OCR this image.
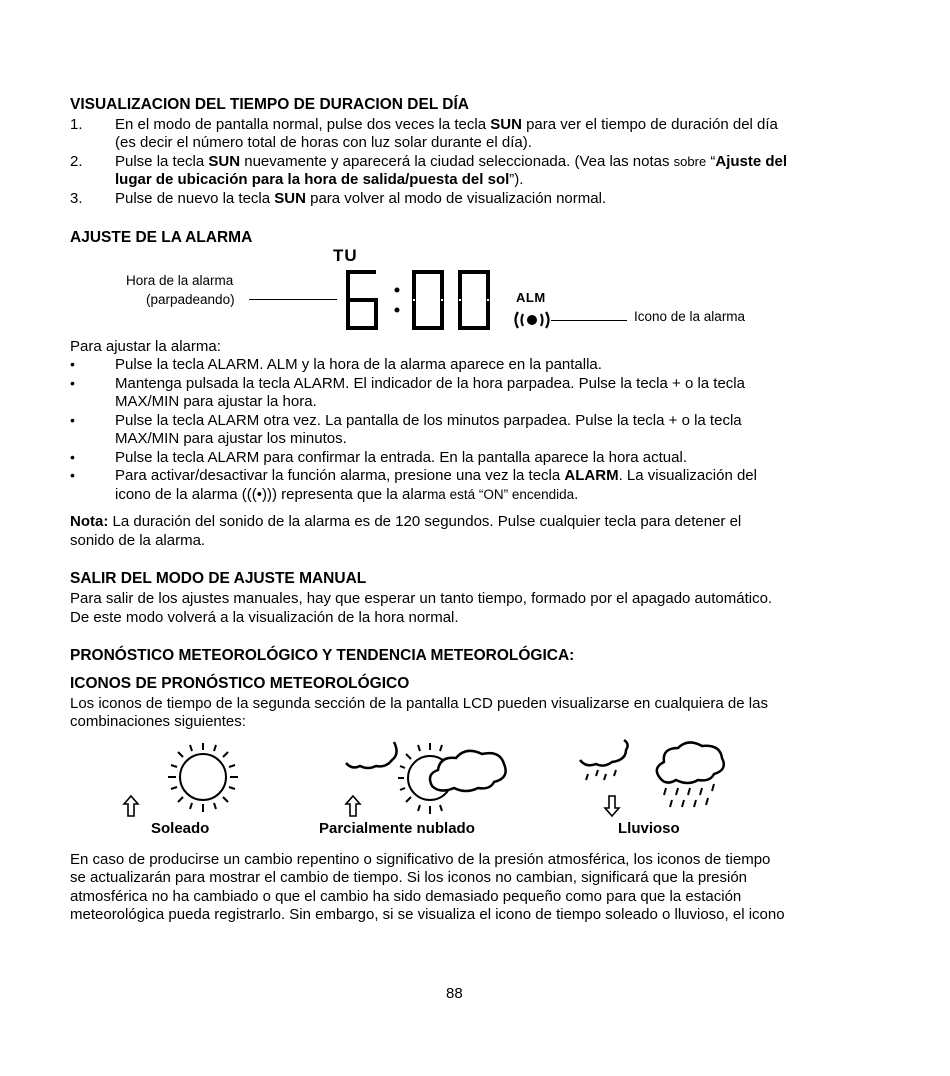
VISUALIZACION DEL TIEMPO DE DURACION DEL DÍA
1.	En el modo de pantalla normal, pulse dos veces la tecla SUN para ver el tiempo de duración del día
(es decir el número total de horas con luz solar durante el día).
2.	Pulse la tecla SUN nuevamente y aparecerá la ciudad seleccionada. (Vea las notas sobre “Ajuste del
lugar de ubicación para la hora de salida/puesta del sol”).
3.	Pulse de nuevo la tecla SUN para volver al modo de visualización normal.
AJUSTE DE LA ALARMA
TU
ALM
Hora de la alarma
(parpadeando)
Icono de la alarma
Para ajustar la alarma:
•	Pulse la tecla ALARM. ALM y la hora de la alarma aparece en la pantalla.
•	Mantenga pulsada la tecla ALARM. El indicador de la hora parpadea. Pulse la tecla + o la tecla
MAX/MIN para ajustar la hora.
•	Pulse la tecla ALARM otra vez. La pantalla de los minutos parpadea. Pulse la tecla + o la tecla
MAX/MIN para ajustar los minutos.
•	Pulse la tecla ALARM para confirmar la entrada. En la pantalla aparece la hora actual.
•	Para activar/desactivar la función alarma, presione una vez la tecla ALARM. La visualización del
icono de la alarma (((•))) representa que la alarma está “ON” encendida.
Nota: La duración del sonido de la alarma es de 120 segundos. Pulse cualquier tecla para detener el
sonido de la alarma.
SALIR DEL MODO DE AJUSTE MANUAL
Para salir de los ajustes manuales, hay que esperar un tanto tiempo, formado por el apagado automático.
De este modo volverá a la visualización de la hora normal.
PRONÓSTICO METEOROLÓGICO Y TENDENCIA METEOROLÓGICA:
ICONOS DE PRONÓSTICO METEOROLÓGICO
Los iconos de tiempo de la segunda sección de la pantalla LCD pueden visualizarse en cualquiera de las
combinaciones siguientes:
Soleado	Parcialmente nublado	Lluvioso
En caso de producirse un cambio repentino o significativo de la presión atmosférica, los iconos de tiempo
se actualizarán para mostrar el cambio de tiempo. Si los iconos no cambian, significará que la presión
atmosférica no ha cambiado o que el cambio ha sido demasiado pequeño como para que la estación
meteorológica pueda registrarlo. Sin embargo, si se visualiza el icono de tiempo soleado o lluvioso, el icono
88
